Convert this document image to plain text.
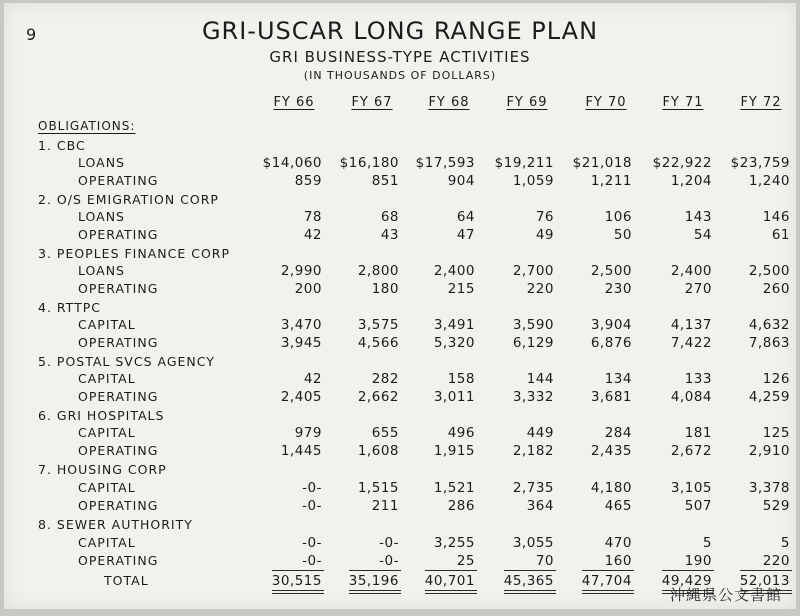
9	GRI-USCAR LONG RANGE PLAN
GRI BUSINESS-TYPE ACTIVITIES
(IN THOUSANDS OF DOLLARS)
FY 66	FY 67	FY 68	FY 69	FY 70	FY 71	FY 72
OBLIGATIONS:
1. CBC
LOANS	$14,060	$16,180	$17,593	$19,211	$21,018	$22,922	$23,759
OPERATING	859	851	904	1,059	1,211	1,204	1,240
2. O/S EMIGRATION CORP
LOANS	78	68	64	76	106	143	146
OPERATING	42	43	47	49	50	54	61
3. PEOPLES FINANCE CORP
LOANS	2,990	2,800	2,400	2,700	2,500	2,400	2,500
OPERATING	200	180	215	220	230	270	260
4. RTTPC
CAPITAL	3,470	3,575	3,491	3,590	3,904	4,137	4,632
OPERATING	3,945	4,566	5,320	6,129	6,876	7,422	7,863
5. POSTAL SVCS AGENCY
CAPITAL	42	282	158	144	134	133	126
OPERATING	2,405	2,662	3,011	3,332	3,681	4,084	4,259
6. GRI HOSPITALS
CAPITAL	979	655	496	449	284	181	125
OPERATING	1,445	1,608	1,915	2,182	2,435	2,672	2,910
7. HOUSING CORP
CAPITAL	-0-	1,515	1,521	2,735	4,180	3,105	3,378
OPERATING	-0-	211	286	364	465	507	529
8. SEWER AUTHORITY
CAPITAL	-0-	-0-	3,255	3,055	470	5	5
OPERATING	-0-	-0-	25	70	160	190	220
TOTAL	30,515	35,196	40,701	45,365	47,704	49,429	52,013
沖縄県公文書館
